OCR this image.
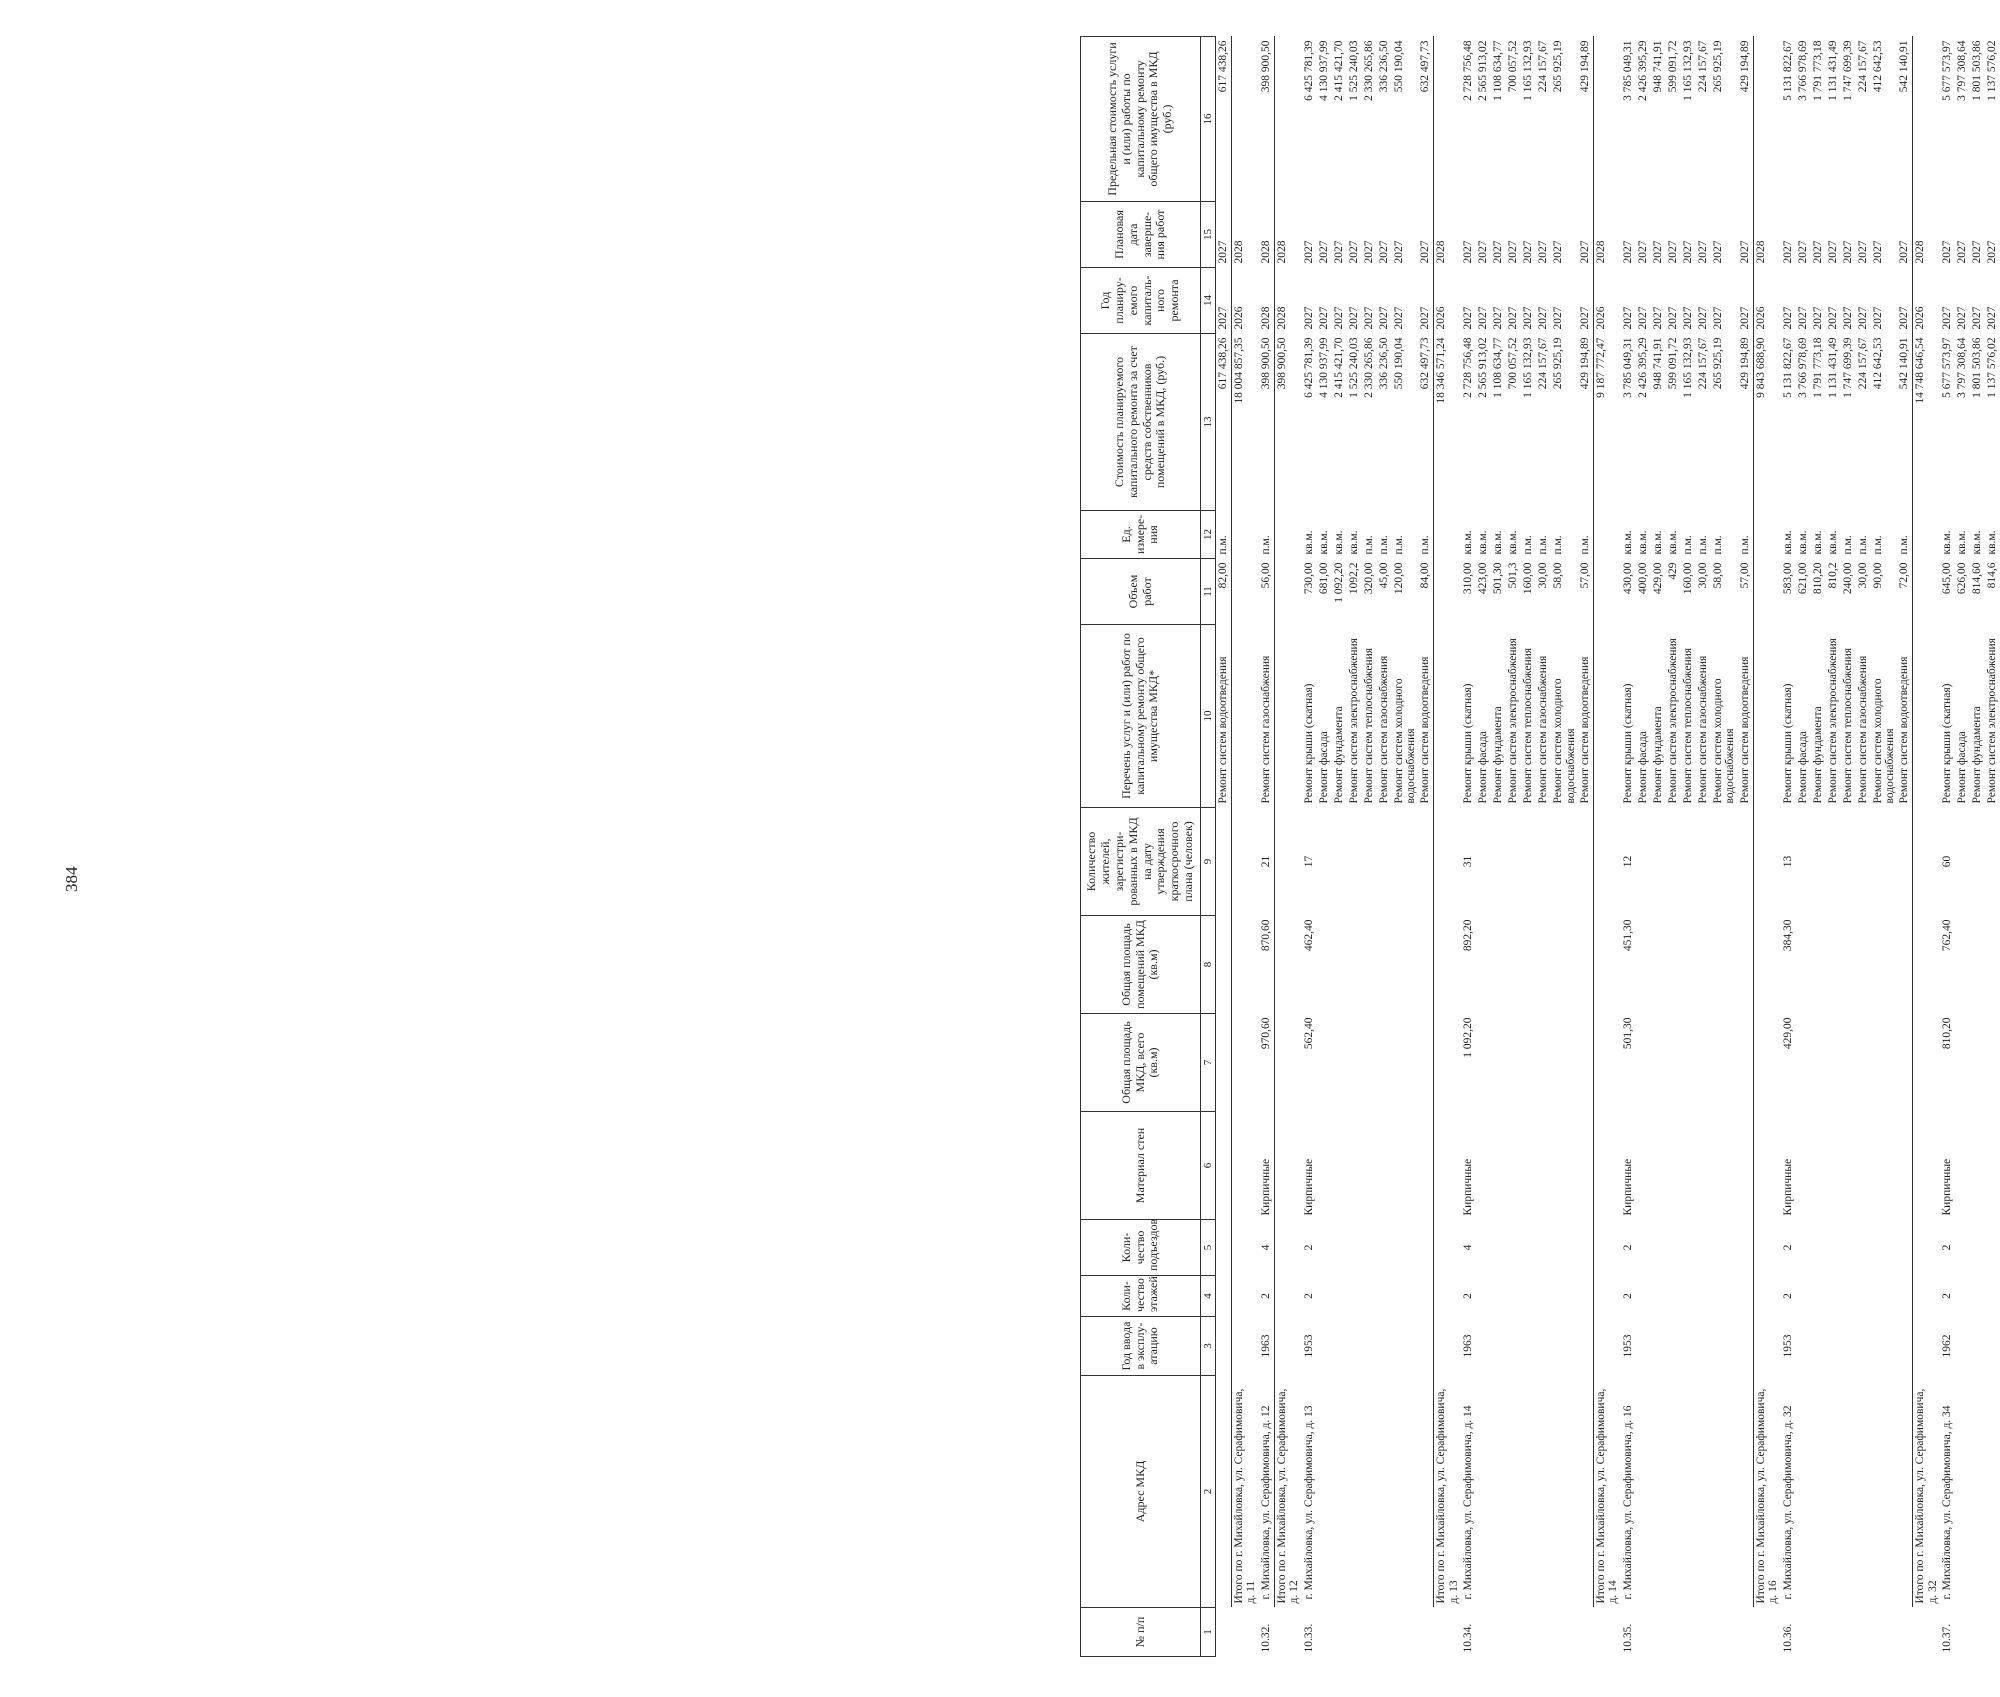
384
№ п/п	Адрес МКД	Год ввода в эксплу-атацию	Коли-чество этажей	Коли-чество подъездов	Материал стен	Общая площадь МКД, всего (кв.м)	Общая площадь помещений МКД (кв.м)	Количество жителей, зарегистри-рованных в МКД на дату утверждения краткосрочного плана (человек)	Перечень услуг и (или) работ по капитальному ремонту общего имущества МКД*	Объем работ	Ед. измере-ния	Стоимость планируемого капитального ремонта за счет средств собственников помещений в МКД, (руб.)	Год планиру-емого капиталь-ного ремонта	Плановая дата заверше-ния работ	Предельная стоимость услуги и (или) работы по капитальному ремонту общего имущества в МКД (руб.)
1	2	3	4	5	6	7	8	9	10	11	12	13	14	15	16
									Ремонт систем водоотведения	82,00	п.м.	617 438,26	2027	2027	617 438,26
	Итого по г. Михайловка, ул. Серафимовича, д. 11											18 004 857,35	2026	2028	
10.32.	г. Михайловка, ул. Серафимовича, д. 12	1963	2	4	Кирпичные	970,60	870,60	21	Ремонт систем газоснабжения	56,00	п.м.	398 900,50	2028	2028	398 900,50
	Итого по г. Михайловка, ул. Серафимовича, д. 12											398 900,50	2028	2028	
10.33.	г. Михайловка, ул. Серафимовича, д. 13	1953	2	2	Кирпичные	562,40	462,40	17	Ремонт крыши (скатная)	730,00	кв.м.	6 425 781,39	2027	2027	6 425 781,39
									Ремонт фасада	681,00	кв.м.	4 130 937,99	2027	2027	4 130 937,99
									Ремонт фундамента	1 092,20	кв.м.	2 415 421,70	2027	2027	2 415 421,70
									Ремонт систем электроснабжения	1092,2	кв.м.	1 525 240,03	2027	2027	1 525 240,03
									Ремонт систем теплоснабжения	320,00	п.м.	2 330 265,86	2027	2027	2 330 265,86
									Ремонт систем газоснабжения	45,00	п.м.	336 236,50	2027	2027	336 236,50
									Ремонт систем холодного водоснабжения	120,00	п.м.	550 190,04	2027	2027	550 190,04
									Ремонт систем водоотведения	84,00	п.м.	632 497,73	2027	2027	632 497,73
	Итого по г. Михайловка, ул. Серафимовича, д. 13											18 346 571,24	2026	2028	
10.34.	г. Михайловка, ул. Серафимовича, д. 14	1963	2	4	Кирпичные	1 092,20	892,20	31	Ремонт крыши (скатная)	310,00	кв.м.	2 728 756,48	2027	2027	2 728 756,48
									Ремонт фасада	423,00	кв.м.	2 565 913,02	2027	2027	2 565 913,02
									Ремонт фундамента	501,30	кв.м.	1 108 634,77	2027	2027	1 108 634,77
									Ремонт систем электроснабжения	501,3	кв.м.	700 057,52	2027	2027	700 057,52
									Ремонт систем теплоснабжения	160,00	п.м.	1 165 132,93	2027	2027	1 165 132,93
									Ремонт систем газоснабжения	30,00	п.м.	224 157,67	2027	2027	224 157,67
									Ремонт систем холодного водоснабжения	58,00	п.м.	265 925,19	2027	2027	265 925,19
									Ремонт систем водоотведения	57,00	п.м.	429 194,89	2027	2027	429 194,89
	Итого по г. Михайловка, ул. Серафимовича, д. 14											9 187 772,47	2026	2028	
10.35.	г. Михайловка, ул. Серафимовича, д. 16	1953	2	2	Кирпичные	501,30	451,30	12	Ремонт крыши (скатная)	430,00	кв.м.	3 785 049,31	2027	2027	3 785 049,31
									Ремонт фасада	400,00	кв.м.	2 426 395,29	2027	2027	2 426 395,29
									Ремонт фундамента	429,00	кв.м.	948 741,91	2027	2027	948 741,91
									Ремонт систем электроснабжения	429	кв.м.	599 091,72	2027	2027	599 091,72
									Ремонт систем теплоснабжения	160,00	п.м.	1 165 132,93	2027	2027	1 165 132,93
									Ремонт систем газоснабжения	30,00	п.м.	224 157,67	2027	2027	224 157,67
									Ремонт систем холодного водоснабжения	58,00	п.м.	265 925,19	2027	2027	265 925,19
									Ремонт систем водоотведения	57,00	п.м.	429 194,89	2027	2027	429 194,89
	Итого по г. Михайловка, ул. Серафимовича, д. 16											9 843 688,90	2026	2028	
10.36.	г. Михайловка, ул. Серафимовича, д. 32	1953	2	2	Кирпичные	429,00	384,30	13	Ремонт крыши (скатная)	583,00	кв.м.	5 131 822,67	2027	2027	5 131 822,67
									Ремонт фасада	621,00	кв.м.	3 766 978,69	2027	2027	3 766 978,69
									Ремонт фундамента	810,20	кв.м.	1 791 773,18	2027	2027	1 791 773,18
									Ремонт систем электроснабжения	810,2	кв.м.	1 131 431,49	2027	2027	1 131 431,49
									Ремонт систем теплоснабжения	240,00	п.м.	1 747 699,39	2027	2027	1 747 699,39
									Ремонт систем газоснабжения	30,00	п.м.	224 157,67	2027	2027	224 157,67
									Ремонт систем холодного водоснабжения	90,00	п.м.	412 642,53	2027	2027	412 642,53
									Ремонт систем водоотведения	72,00	п.м.	542 140,91	2027	2027	542 140,91
	Итого по г. Михайловка, ул. Серафимовича, д. 32											14 748 646,54	2026	2028	
10.37.	г. Михайловка, ул. Серафимовича, д. 34	1962	2	2	Кирпичные	810,20	762,40	60	Ремонт крыши (скатная)	645,00	кв.м.	5 677 573,97	2027	2027	5 677 573,97
									Ремонт фасада	626,00	кв.м.	3 797 308,64	2027	2027	3 797 308,64
									Ремонт фундамента	814,60	кв.м.	1 801 503,86	2027	2027	1 801 503,86
									Ремонт систем электроснабжения	814,6	кв.м.	1 137 576,02	2027	2027	1 137 576,02
